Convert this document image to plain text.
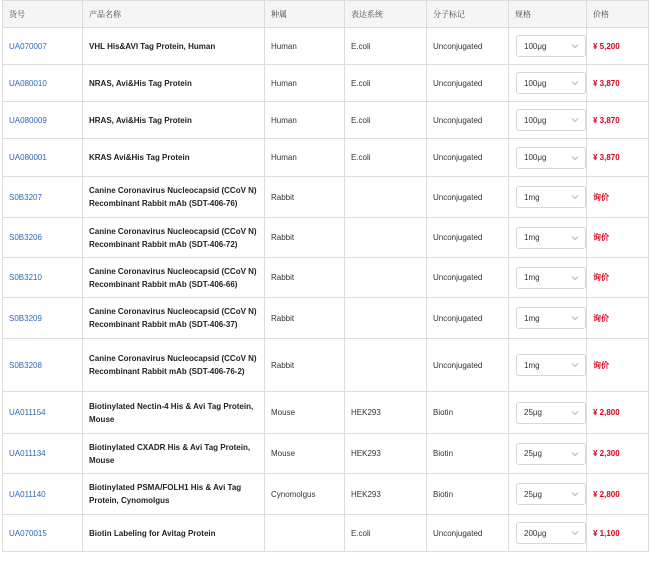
货号	产品名称	种属	表达系统	分子标记	规格	价格
UA070007	VHL His&AVI Tag Protein, Human	Human	E.coli	Unconjugated	100μg	¥ 5,200
UA080010	NRAS, Avi&His Tag Protein	Human	E.coli	Unconjugated	100μg	¥ 3,870
UA080009	HRAS, Avi&His Tag Protein	Human	E.coli	Unconjugated	100μg	¥ 3,870
UA080001	KRAS Avi&His Tag Protein	Human	E.coli	Unconjugated	100μg	¥ 3,870
S0B3207	Canine Coronavirus Nucleocapsid (CCoV N) Recombinant Rabbit mAb (SDT-406-76)	Rabbit		Unconjugated	1mg	询价
S0B3206	Canine Coronavirus Nucleocapsid (CCoV N) Recombinant Rabbit mAb (SDT-406-72)	Rabbit		Unconjugated	1mg	询价
S0B3210	Canine Coronavirus Nucleocapsid (CCoV N) Recombinant Rabbit mAb (SDT-406-66)	Rabbit		Unconjugated	1mg	询价
S0B3209	Canine Coronavirus Nucleocapsid (CCoV N) Recombinant Rabbit mAb (SDT-406-37)	Rabbit		Unconjugated	1mg	询价
S0B3208	Canine Coronavirus Nucleocapsid (CCoV N) Recombinant Rabbit mAb (SDT-406-76-2)	Rabbit		Unconjugated	1mg	询价
UA011154	Biotinylated Nectin-4 His & Avi Tag Protein, Mouse	Mouse	HEK293	Biotin	25μg	¥ 2,800
UA011134	Biotinylated CXADR His & Avi Tag Protein, Mouse	Mouse	HEK293	Biotin	25μg	¥ 2,300
UA011140	Biotinylated PSMA/FOLH1 His & Avi Tag Protein, Cynomolgus	Cynomolgus	HEK293	Biotin	25μg	¥ 2,800
UA070015	Biotin Labeling for Avitag Protein		E.coli	Unconjugated	200μg	¥ 1,100
